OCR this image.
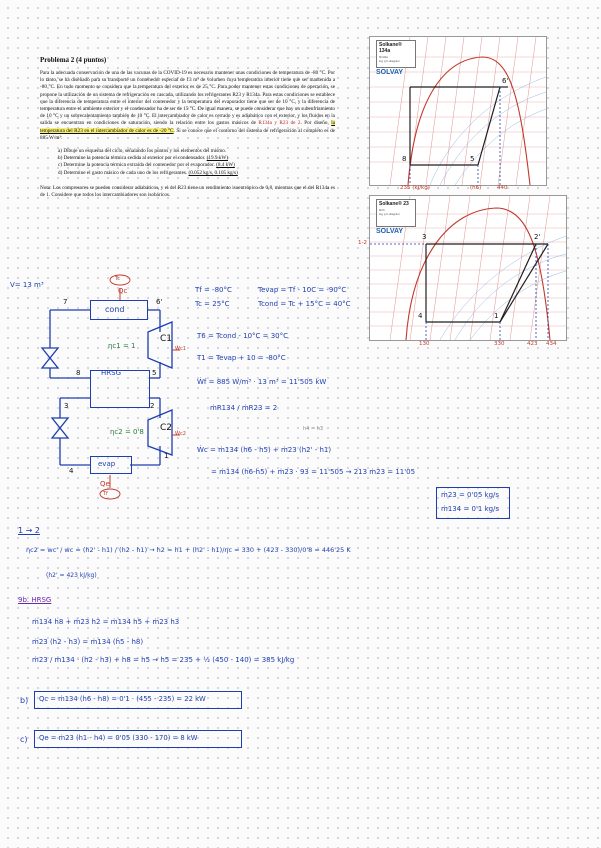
Problema 2 (4 puntos)

Para la adecuada conservación de una de las vacunas de la COVID-19 es necesario mantener unas condiciones de temperatura de -80 °C. Por lo tanto, se ha diseñado para su transporte un contenedor especial de 13 m³ de volumen cuya temperatura interior tiene que ser mantenida a -80 °C. En todo momento se considera que la temperatura del exterior es de 25 °C. Para poder mantener estas condiciones de operación, se propone la utilización de un sistema de refrigeración en cascada, utilizando los refrigerantes R23 y R134a. Para estas condiciones se establece que la diferencia de temperatura entre el interior del contenedor y la temperatura del evaporador tiene que ser de 10 °C, y la diferencia de temperatura entre el ambiente exterior y el condensador ha de ser de 15 °C. De igual manera, se puede considerar que hay un subenfriamiento de 10 °C y un sobrecalentamiento también de 10 °C. El intercambiador de calor es cerrado y es adiabático con el exterior, y los fluidos en la salida se encuentran en condiciones de saturación, siendo la relación entre los gastos másicos de R134a y R23 de 2. Por diseño, la temperatura del R23 en el intercambiador de calor es de -20 °C. Si se conoce que el contorno del sistema de refrigeración al completo es de 885 W/m³:

a) Dibuje un esquema del ciclo, señalando los puntos y los elementos del mismo.
b) Determine la potencia térmica cedida al exterior por el condensador. (19.9 kW)
c) Determine la potencia térmica extraída del contenedor por el evaporador. (8.4 kW)
d) Determine el gasto másico de cada uno de los refrigerantes. (0.052 kg/s, 0.105 kg/s)

Nota: Los compresores se pueden considerar adiabáticos, y el del R23 tiene un rendimiento isoentrópico de 0,8, mientras que el del R134a es de 1. Considere que todos los intercambiadores son isobáricos.

Solkane® 134a
R134a
log p,h-diagram
SOLVAY
6'
8	5
235 (kJ/kg)	(h6)	440
Solkane® 23
R23
log p,h-diagram
SOLVAY
3	2'
1
4
1-2
130	330	423 434
cond
HRSG
evap
V= 13 m³
C1
C2
Qc
Tc
Qe
Tf
Ẇc1
Ẇc2
ηc1 = 1
ηc2 = 0'8
7	6'
8	5
3	2
1
4
Tf = -80°C	Tevap = Tf - 10C = -90°C
Tc = 25°C	Tcond = Tc + 15°C = 40°C
T6 = Tcond - 10°C = 30°C
T1 = Tevap + 10 = -80°C
Ẇf = 885 W/m³ · 13 m³ = 11'505 kW
ṁR134 / ṁR23 = 2
h4 = h3
Ẇc = ṁ134 (h6 - h5) + ṁ23 (h2' - h1)
= ṁ134 (h6-h5) + ṁ23 · 93 = 11'505 → 213 ṁ23 = 11'05
ṁ23 = 0'05 kg/s
ṁ134 = 0'1 kg/s
1 → 2
ηc2 = wc' / wc = (h2' - h1) / (h2 - h1) → h2 = h1 + (h2' - h1)/ηc = 330 + (423 - 330)/0'8 = 446'25 K
(h2' = 423 kJ/kg)
9b. HRSG
ṁ134 h8 + ṁ23 h2 = ṁ134 h5 + ṁ23 h3
ṁ23 (h2 - h3) = ṁ134 (h5 - h8)
ṁ23 / ṁ134 · (h2 - h3) + h8 = h5 → h5 = 235 + ½ (450 - 140) = 385 kJ/kg
b) Qc = ṁ134 (h6 - h8) = 0'1 · (455 - 235) = 22 kW
c) Qe = ṁ23 (h1 - h4) = 0'05 (330 - 170) = 8 kW
